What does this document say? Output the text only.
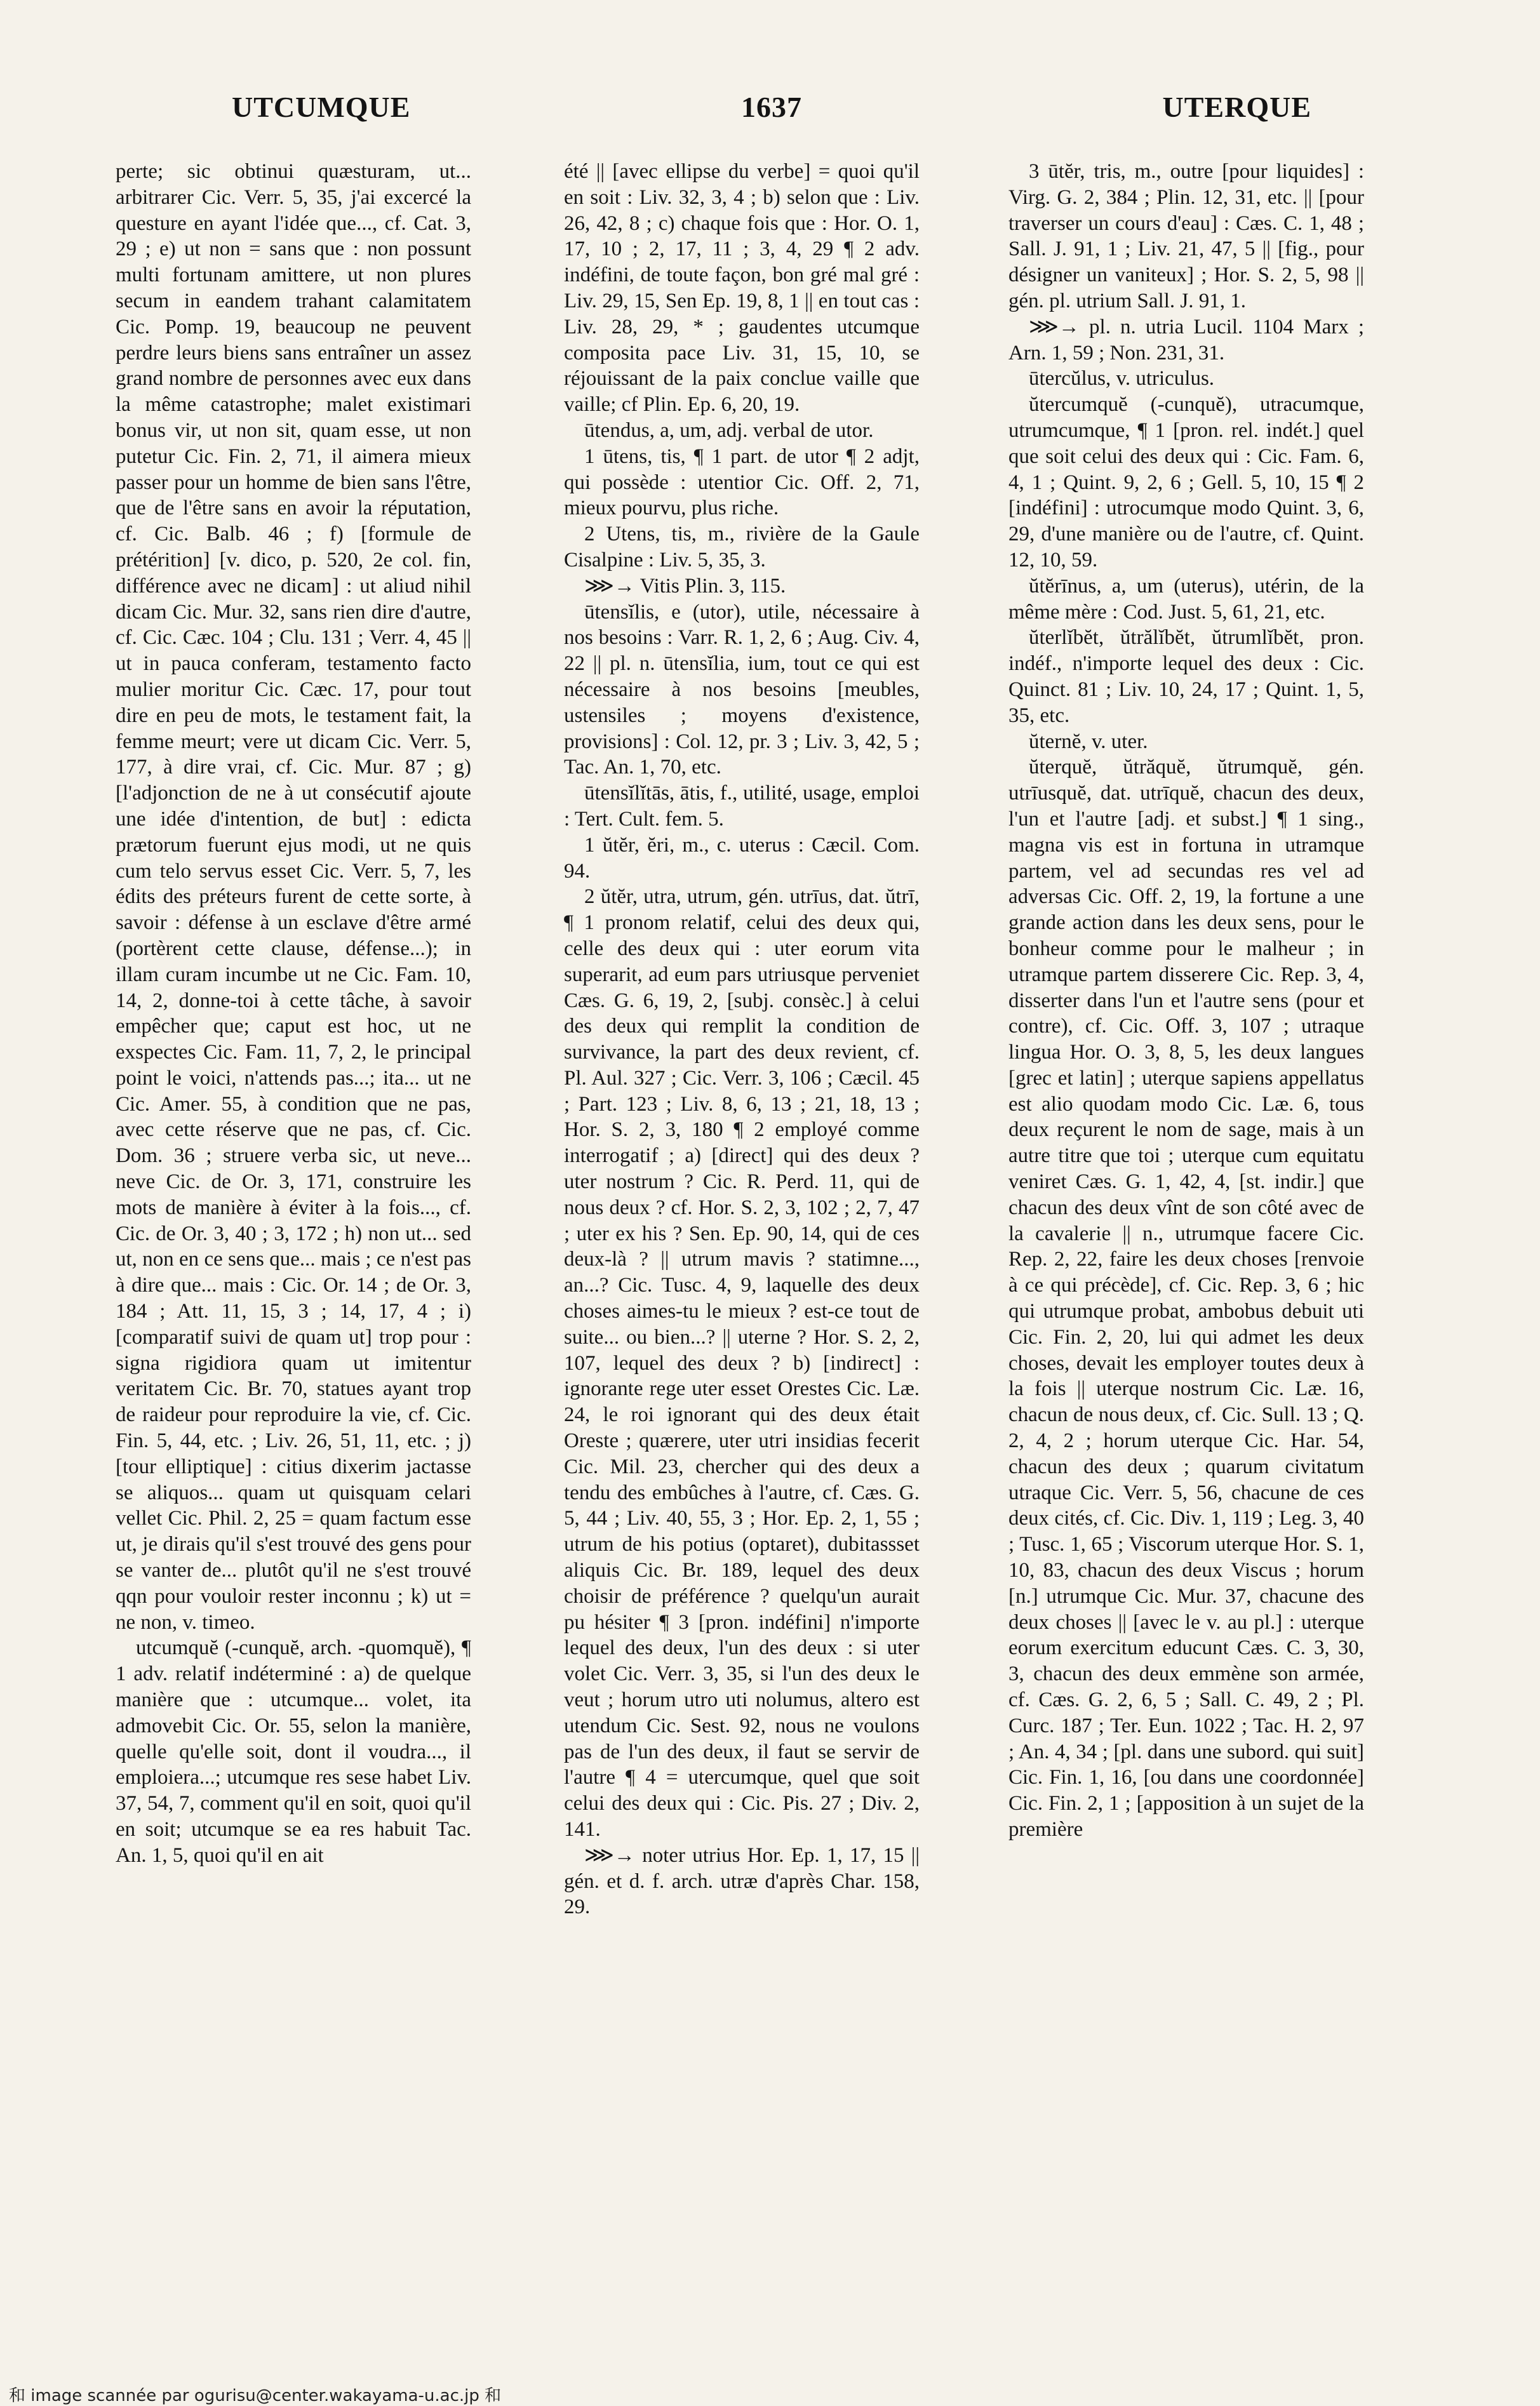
UTCUMQUE	1637	UTERQUE

perte; sic obtinui quæsturam, ut... arbitrarer Cic. Verr. 5, 35, j'ai excercé la questure en ayant l'idée que..., cf. Cat. 3, 29 ; e) ut non = sans que : non possunt multi fortunam amittere, ut non plures secum in eandem trahant calamitatem Cic. Pomp. 19, beaucoup ne peuvent perdre leurs biens sans entraîner un assez grand nombre de personnes avec eux dans la même catastrophe; malet existimari bonus vir, ut non sit, quam esse, ut non putetur Cic. Fin. 2, 71, il aimera mieux passer pour un homme de bien sans l'être, que de l'être sans en avoir la réputation, cf. Cic. Balb. 46 ; f) [formule de prétérition] [v. dico, p. 520, 2e col. fin, différence avec ne dicam] : ut aliud nihil dicam Cic. Mur. 32, sans rien dire d'autre, cf. Cic. Cæc. 104 ; Clu. 131 ; Verr. 4, 45 || ut in pauca conferam, testamento facto mulier moritur Cic. Cæc. 17, pour tout dire en peu de mots, le testament fait, la femme meurt; vere ut dicam Cic. Verr. 5, 177, à dire vrai, cf. Cic. Mur. 87 ; g) [l'adjonction de ne à ut consécutif ajoute une idée d'intention, de but] : edicta prætorum fuerunt ejus modi, ut ne quis cum telo servus esset Cic. Verr. 5, 7, les édits des préteurs furent de cette sorte, à savoir : défense à un esclave d'être armé (portèrent cette clause, défense...); in illam curam incumbe ut ne Cic. Fam. 10, 14, 2, donne-toi à cette tâche, à savoir empêcher que; caput est hoc, ut ne exspectes Cic. Fam. 11, 7, 2, le principal point le voici, n'attends pas...; ita... ut ne Cic. Amer. 55, à condition que ne pas, avec cette réserve que ne pas, cf. Cic. Dom. 36 ; struere verba sic, ut neve... neve Cic. de Or. 3, 171, construire les mots de manière à éviter à la fois..., cf. Cic. de Or. 3, 40 ; 3, 172 ; h) non ut... sed ut, non en ce sens que... mais ; ce n'est pas à dire que... mais : Cic. Or. 14 ; de Or. 3, 184 ; Att. 11, 15, 3 ; 14, 17, 4 ; i) [comparatif suivi de quam ut] trop pour : signa rigidiora quam ut imitentur veritatem Cic. Br. 70, statues ayant trop de raideur pour reproduire la vie, cf. Cic. Fin. 5, 44, etc. ; Liv. 26, 51, 11, etc. ; j) [tour elliptique] : citius dixerim jactasse se aliquos... quam ut quisquam celari vellet Cic. Phil. 2, 25 = quam factum esse ut, je dirais qu'il s'est trouvé des gens pour se vanter de... plutôt qu'il ne s'est trouvé qqn pour vouloir rester inconnu ; k) ut = ne non, v. timeo.

utcumquĕ (-cunquĕ, arch. -quomquĕ), ¶ 1 adv. relatif indéterminé : a) de quelque manière que : utcumque... volet, ita admovebit Cic. Or. 55, selon la manière, quelle qu'elle soit, dont il voudra..., il emploiera...; utcumque res sese habet Liv. 37, 54, 7, comment qu'il en soit, quoi qu'il en soit; utcumque se ea res habuit Tac. An. 1, 5, quoi qu'il en ait

été || [avec ellipse du verbe] = quoi qu'il en soit : Liv. 32, 3, 4 ; b) selon que : Liv. 26, 42, 8 ; c) chaque fois que : Hor. O. 1, 17, 10 ; 2, 17, 11 ; 3, 4, 29 ¶ 2 adv. indéfini, de toute façon, bon gré mal gré : Liv. 29, 15, Sen Ep. 19, 8, 1 || en tout cas : Liv. 28, 29, * ; gaudentes utcumque composita pace Liv. 31, 15, 10, se réjouissant de la paix conclue vaille que vaille; cf Plin. Ep. 6, 20, 19.

ūtendus, a, um, adj. verbal de utor.

1 ūtens, tis, ¶ 1 part. de utor ¶ 2 adjt, qui possède : utentior Cic. Off. 2, 71, mieux pourvu, plus riche.

2 Utens, tis, m., rivière de la Gaule Cisalpine : Liv. 5, 35, 3.

⋙→ Vitis Plin. 3, 115.

ūtensĭlis, e (utor), utile, nécessaire à nos besoins : Varr. R. 1, 2, 6 ; Aug. Civ. 4, 22 || pl. n. ūtensĭlia, ium, tout ce qui est nécessaire à nos besoins [meubles, ustensiles ; moyens d'existence, provisions] : Col. 12, pr. 3 ; Liv. 3, 42, 5 ; Tac. An. 1, 70, etc.

ūtensĭlĭtās, ātis, f., utilité, usage, emploi : Tert. Cult. fem. 5.

1 ŭtĕr, ĕri, m., c. uterus : Cæcil. Com. 94.

2 ŭtĕr, utra, utrum, gén. utrīus, dat. ŭtrī, ¶ 1 pronom relatif, celui des deux qui, celle des deux qui : uter eorum vita superarit, ad eum pars utriusque perveniet Cæs. G. 6, 19, 2, [subj. consèc.] à celui des deux qui remplit la condition de survivance, la part des deux revient, cf. Pl. Aul. 327 ; Cic. Verr. 3, 106 ; Cæcil. 45 ; Part. 123 ; Liv. 8, 6, 13 ; 21, 18, 13 ; Hor. S. 2, 3, 180 ¶ 2 employé comme interrogatif ; a) [direct] qui des deux ? uter nostrum ? Cic. R. Perd. 11, qui de nous deux ? cf. Hor. S. 2, 3, 102 ; 2, 7, 47 ; uter ex his ? Sen. Ep. 90, 14, qui de ces deux-là ? || utrum mavis ? statimne..., an...? Cic. Tusc. 4, 9, laquelle des deux choses aimes-tu le mieux ? est-ce tout de suite... ou bien...? || uterne ? Hor. S. 2, 2, 107, lequel des deux ? b) [indirect] : ignorante rege uter esset Orestes Cic. Læ. 24, le roi ignorant qui des deux était Oreste ; quærere, uter utri insidias fecerit Cic. Mil. 23, chercher qui des deux a tendu des embûches à l'autre, cf. Cæs. G. 5, 44 ; Liv. 40, 55, 3 ; Hor. Ep. 2, 1, 55 ; utrum de his potius (optaret), dubitassset aliquis Cic. Br. 189, lequel des deux choisir de préférence ? quelqu'un aurait pu hésiter ¶ 3 [pron. indéfini] n'importe lequel des deux, l'un des deux : si uter volet Cic. Verr. 3, 35, si l'un des deux le veut ; horum utro uti nolumus, altero est utendum Cic. Sest. 92, nous ne voulons pas de l'un des deux, il faut se servir de l'autre ¶ 4 = utercumque, quel que soit celui des deux qui : Cic. Pis. 27 ; Div. 2, 141.

⋙→ noter utrius Hor. Ep. 1, 17, 15 || gén. et d. f. arch. utræ d'après Char. 158, 29.

3 ūtĕr, tris, m., outre [pour liquides] : Virg. G. 2, 384 ; Plin. 12, 31, etc. || [pour traverser un cours d'eau] : Cæs. C. 1, 48 ; Sall. J. 91, 1 ; Liv. 21, 47, 5 || [fig., pour désigner un vaniteux] ; Hor. S. 2, 5, 98 || gén. pl. utrium Sall. J. 91, 1.

⋙→ pl. n. utria Lucil. 1104 Marx ; Arn. 1, 59 ; Non. 231, 31.

ūtercŭlus, v. utriculus.

ŭtercumquĕ (-cunquĕ), utracumque, utrumcumque, ¶ 1 [pron. rel. indét.] quel que soit celui des deux qui : Cic. Fam. 6, 4, 1 ; Quint. 9, 2, 6 ; Gell. 5, 10, 15 ¶ 2 [indéfini] : utrocumque modo Quint. 3, 6, 29, d'une manière ou de l'autre, cf. Quint. 12, 10, 59.

ŭtĕrīnus, a, um (uterus), utérin, de la même mère : Cod. Just. 5, 61, 21, etc.

ŭterlĭbĕt, ŭtrălĭbĕt, ŭtrumlĭbĕt, pron. indéf., n'importe lequel des deux : Cic. Quinct. 81 ; Liv. 10, 24, 17 ; Quint. 1, 5, 35, etc.

ŭternĕ, v. uter.

ŭterquĕ, ŭtrăquĕ, ŭtrumquĕ, gén. utrīusquĕ, dat. utrīquĕ, chacun des deux, l'un et l'autre [adj. et subst.] ¶ 1 sing., magna vis est in fortuna in utramque partem, vel ad secundas res vel ad adversas Cic. Off. 2, 19, la fortune a une grande action dans les deux sens, pour le bonheur comme pour le malheur ; in utramque partem disserere Cic. Rep. 3, 4, disserter dans l'un et l'autre sens (pour et contre), cf. Cic. Off. 3, 107 ; utraque lingua Hor. O. 3, 8, 5, les deux langues [grec et latin] ; uterque sapiens appellatus est alio quodam modo Cic. Læ. 6, tous deux reçurent le nom de sage, mais à un autre titre que toi ; uterque cum equitatu veniret Cæs. G. 1, 42, 4, [st. indir.] que chacun des deux vînt de son côté avec de la cavalerie || n., utrumque facere Cic. Rep. 2, 22, faire les deux choses [renvoie à ce qui précède], cf. Cic. Rep. 3, 6 ; hic qui utrumque probat, ambobus debuit uti Cic. Fin. 2, 20, lui qui admet les deux choses, devait les employer toutes deux à la fois || uterque nostrum Cic. Læ. 16, chacun de nous deux, cf. Cic. Sull. 13 ; Q. 2, 4, 2 ; horum uterque Cic. Har. 54, chacun des deux ; quarum civitatum utraque Cic. Verr. 5, 56, chacune de ces deux cités, cf. Cic. Div. 1, 119 ; Leg. 3, 40 ; Tusc. 1, 65 ; Viscorum uterque Hor. S. 1, 10, 83, chacun des deux Viscus ; horum [n.] utrumque Cic. Mur. 37, chacune des deux choses || [avec le v. au pl.] : uterque eorum exercitum educunt Cæs. C. 3, 30, 3, chacun des deux emmène son armée, cf. Cæs. G. 2, 6, 5 ; Sall. C. 49, 2 ; Pl. Curc. 187 ; Ter. Eun. 1022 ; Tac. H. 2, 97 ; An. 4, 34 ; [pl. dans une subord. qui suit] Cic. Fin. 1, 16, [ou dans une coordonnée] Cic. Fin. 2, 1 ; [apposition à un sujet de la première

和 image scannée par ogurisu@center.wakayama-u.ac.jp 和
